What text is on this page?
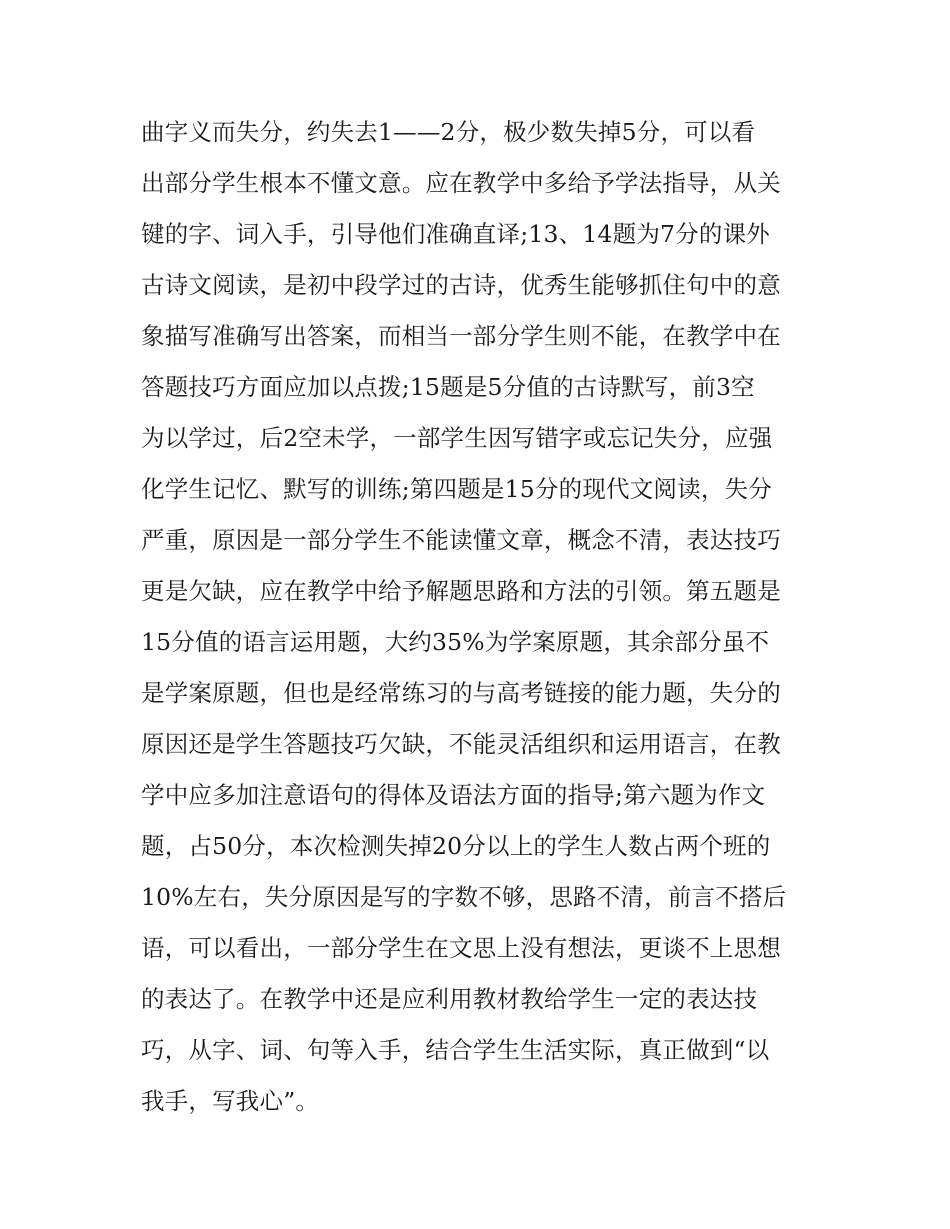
曲字义而失分，约失去1——2分，极少数失掉5分，可以看
出部分学生根本不懂文意。应在教学中多给予学法指导，从关
键的字、词入手，引导他们准确直译;13、14题为7分的课外
古诗文阅读，是初中段学过的古诗，优秀生能够抓住句中的意
象描写准确写出答案，而相当一部分学生则不能，在教学中在
答题技巧方面应加以点拨;15题是5分值的古诗默写，前3空
为以学过，后2空未学，一部学生因写错字或忘记失分，应强
化学生记忆、默写的训练;第四题是15分的现代文阅读，失分
严重，原因是一部分学生不能读懂文章，概念不清，表达技巧
更是欠缺，应在教学中给予解题思路和方法的引领。第五题是
15分值的语言运用题，大约35%为学案原题，其余部分虽不
是学案原题，但也是经常练习的与高考链接的能力题，失分的
原因还是学生答题技巧欠缺，不能灵活组织和运用语言，在教
学中应多加注意语句的得体及语法方面的指导;第六题为作文
题，占50分，本次检测失掉20分以上的学生人数占两个班的
10%左右，失分原因是写的字数不够，思路不清，前言不搭后
语，可以看出，一部分学生在文思上没有想法，更谈不上思想
的表达了。在教学中还是应利用教材教给学生一定的表达技
巧，从字、词、句等入手，结合学生生活实际，真正做到“以
我手，写我心”。
